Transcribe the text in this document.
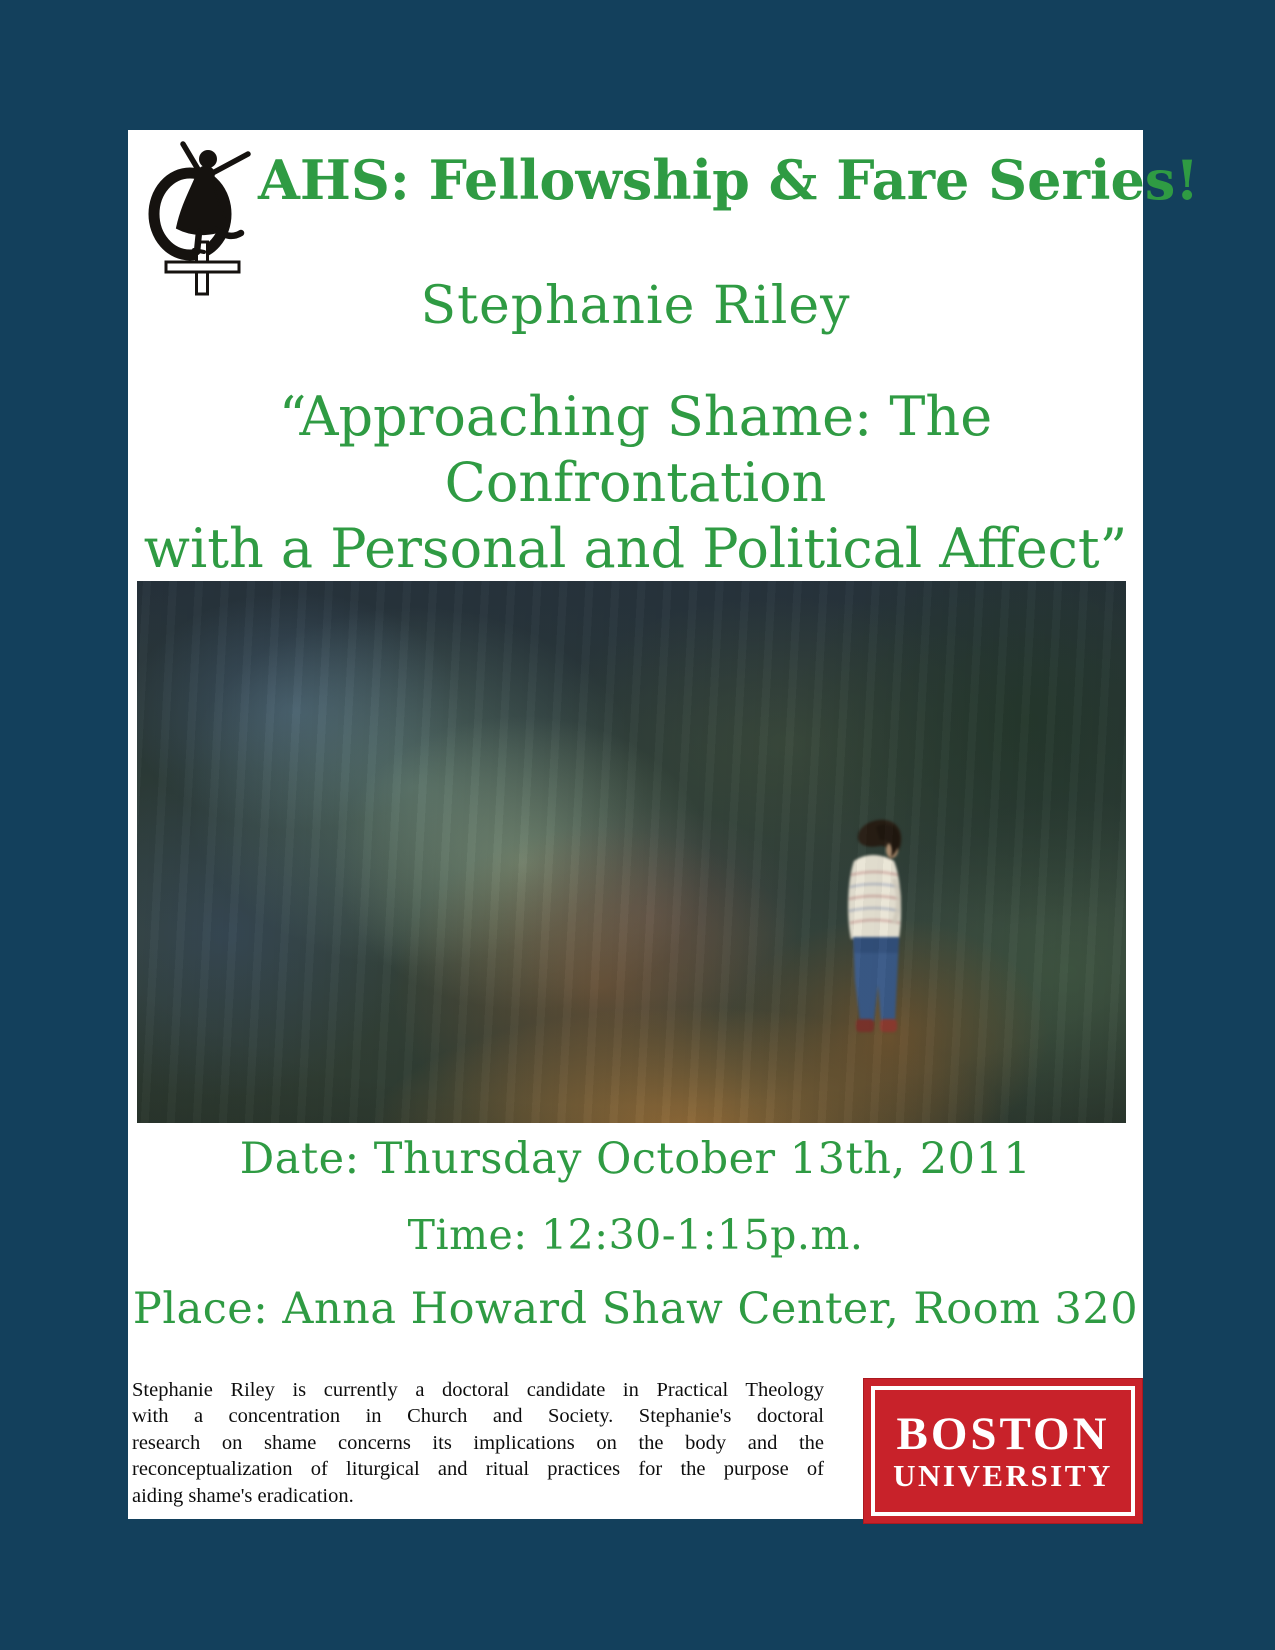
AHS: Fellowship & Fare Series!
Stephanie Riley
“Approaching Shame: The Confrontation
with a Personal and Political Affect”
Date: Thursday October 13th, 2011
Time: 12:30-1:15p.m.
Place: Anna Howard Shaw Center, Room 320
Stephanie Riley is currently a doctoral candidate in Practical Theology
with a concentration in Church and Society. Stephanie's doctoral
research on shame concerns its implications on the body and the
reconceptualization of liturgical and ritual practices for the purpose of
aiding shame's eradication.
BOSTON
UNIVERSITY
